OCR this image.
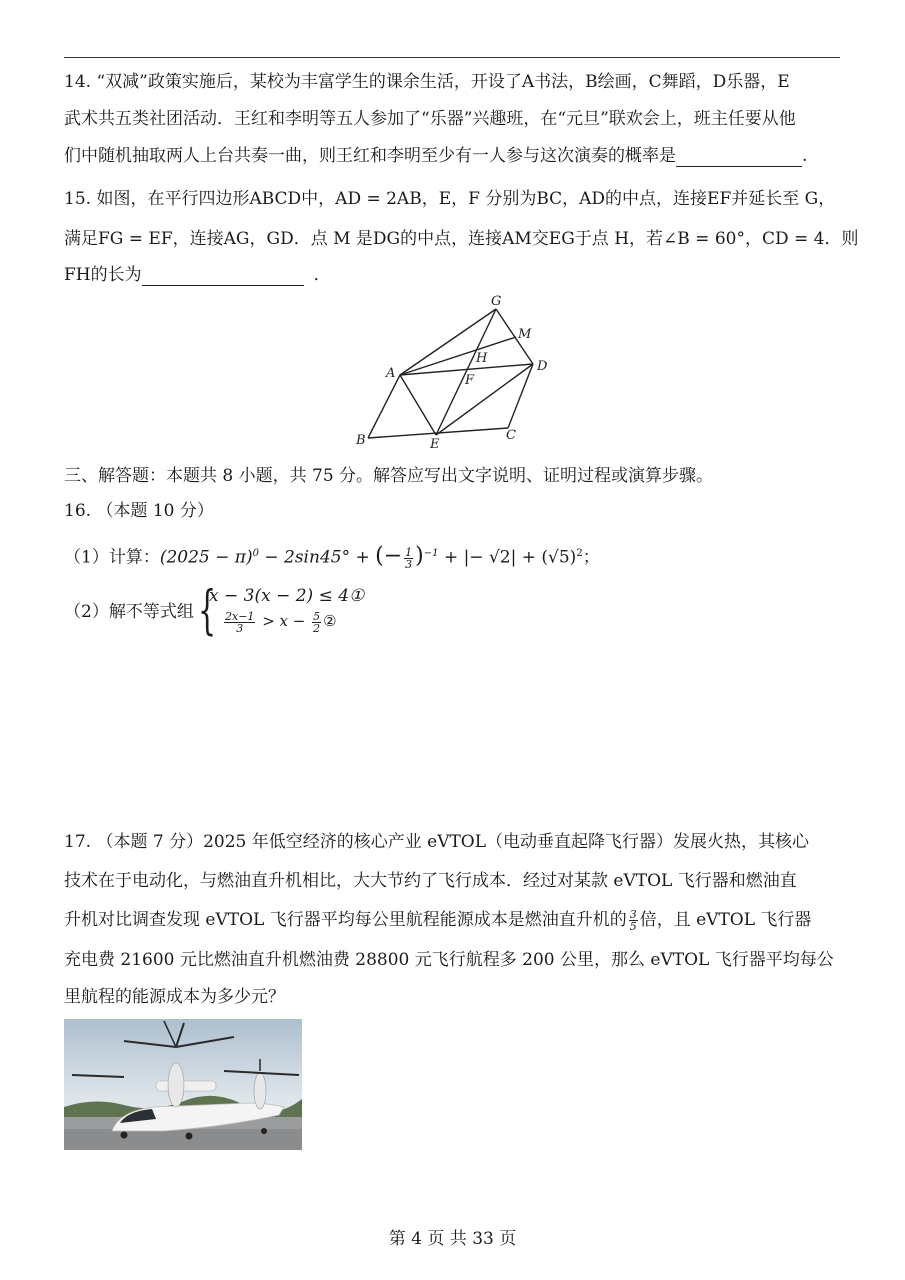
14. “双减”政策实施后，某校为丰富学生的课余生活，开设了A书法，B绘画，C舞蹈，D乐器，E
武术共五类社团活动．王红和李明等五人参加了“乐器”兴趣班，在“元旦”联欢会上，班主任要从他
们中随机抽取两人上台共奏一曲，则王红和李明至少有一人参与这次演奏的概率是	.
15. 如图，在平行四边形ABCD中，AD = 2AB，E，F 分别为BC，AD的中点，连接EF并延长至 G，
满足FG = EF，连接AG，GD．点 M 是DG的中点，连接AM交EG于点 H，若∠B = 60°，CD = 4．则
FH的长为	．
G
M
H
A	F
D
B	E
C
三、解答题：本题共 8 小题，共 75 分。解答应写出文字说明、证明过程或演算步骤。
16. （本题 10 分）
（1）计算：$(2025 - \pi)^0 - 2\sin 45^\circ$ + (− $\frac{1}{3} )^{-1}$ + |− $√2| + (√5)^2$；
（2）解不等式组 {
x − 3(x − 2) ≤ 4①
$\frac{2x-1}{3} > x - \frac{5}{2}$ ②
17. （本题 7 分）2025 年低空经济的核心产业 eVTOL（电动垂直起降飞行器）发展火热，其核心
技术在于电动化，与燃油直升机相比，大大节约了飞行成本．经过对某款 eVTOL 飞行器和燃油直
升机对比调查发现 eVTOL 飞行器平均每公里航程能源成本是燃油直升机的 $\frac{3}{5}$ 倍，且 eVTOL 飞行器
充电费 21600 元比燃油直升机燃油费 28800 元飞行航程多 200 公里，那么 eVTOL 飞行器平均每公
里航程的能源成本为多少元？
第 4 页 共 33 页
